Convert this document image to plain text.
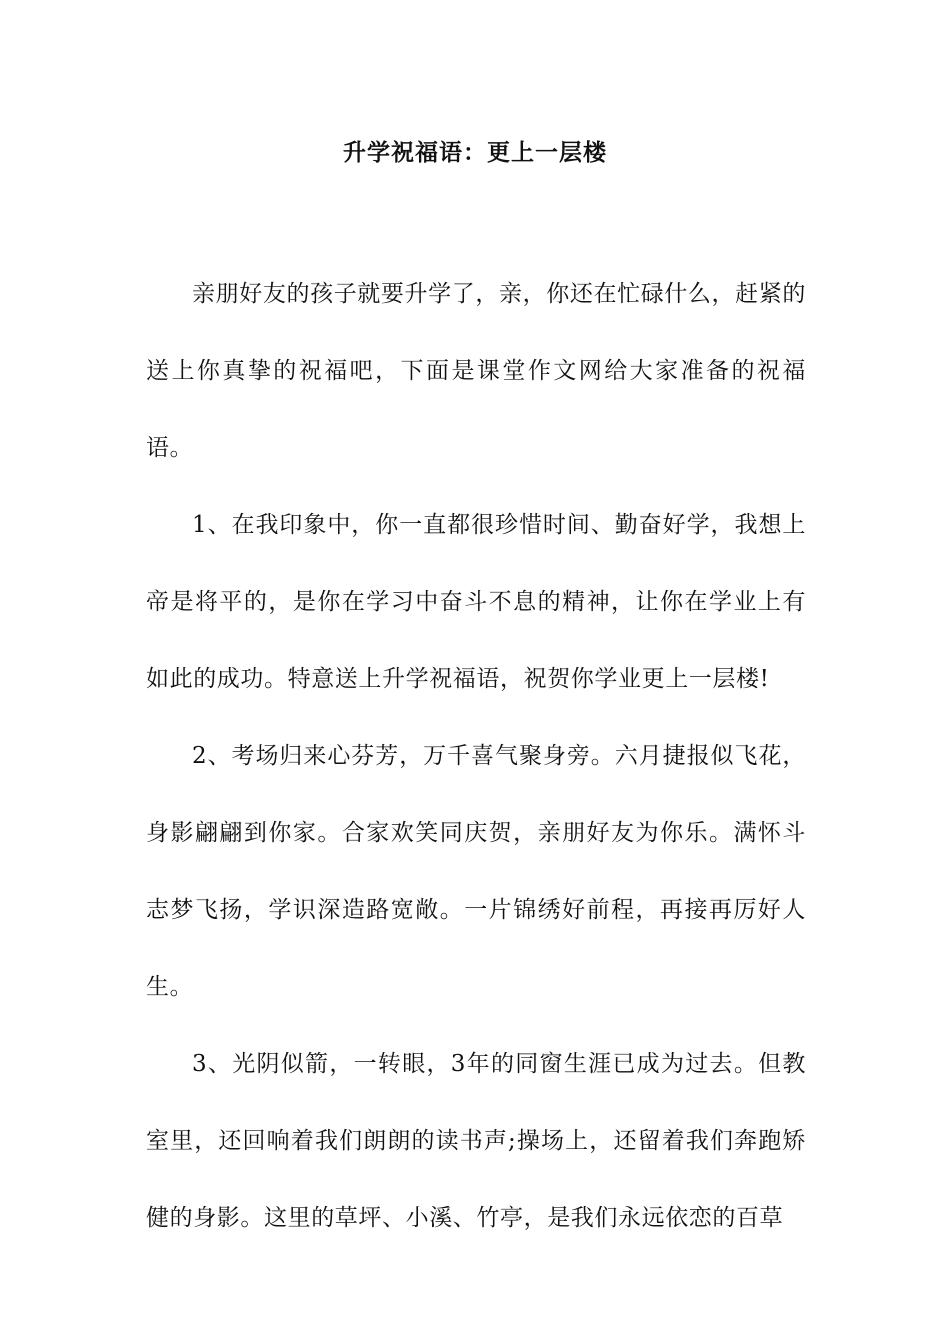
升学祝福语：更上一层楼

亲朋好友的孩子就要升学了，亲，你还在忙碌什么，赶紧的送上你真挚的祝福吧，下面是课堂作文网给大家准备的祝福语。

1、在我印象中，你一直都很珍惜时间、勤奋好学，我想上帝是将平的，是你在学习中奋斗不息的精神，让你在学业上有如此的成功。特意送上升学祝福语，祝贺你学业更上一层楼!

2、考场归来心芬芳，万千喜气聚身旁。六月捷报似飞花，身影翩翩到你家。合家欢笑同庆贺，亲朋好友为你乐。满怀斗志梦飞扬，学识深造路宽敞。一片锦绣好前程，再接再厉好人生。

3、光阴似箭，一转眼，3年的同窗生涯已成为过去。但教室里，还回响着我们朗朗的读书声;操场上，还留着我们奔跑矫健的身影。这里的草坪、小溪、竹亭，是我们永远依恋的百草
